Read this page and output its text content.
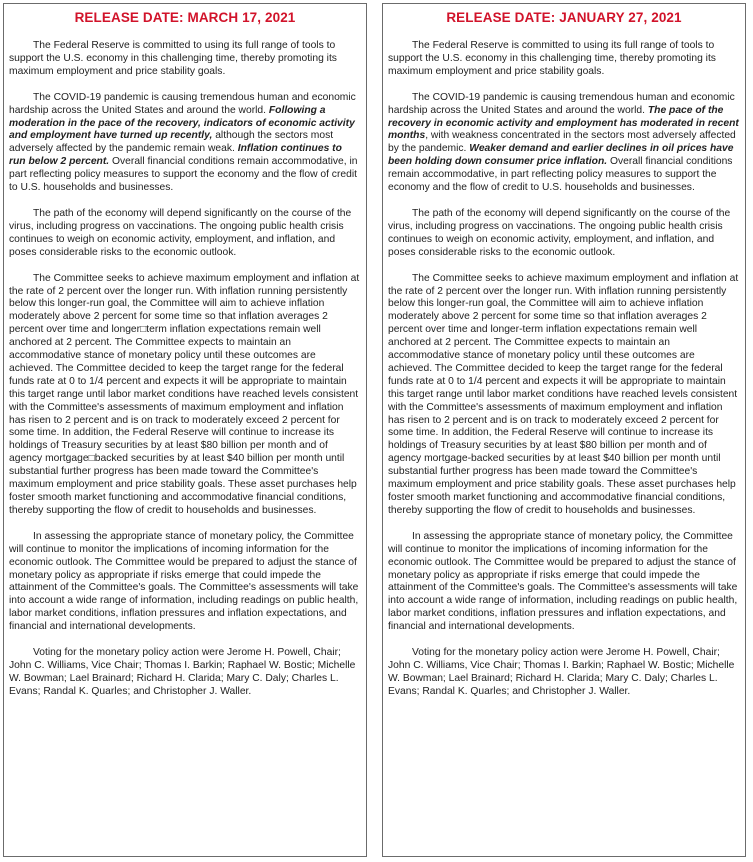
RELEASE DATE: MARCH 17, 2021

The Federal Reserve is committed to using its full range of tools to support the U.S. economy in this challenging time, thereby promoting its maximum employment and price stability goals.

The COVID-19 pandemic is causing tremendous human and economic hardship across the United States and around the world. Following a moderation in the pace of the recovery, indicators of economic activity and employment have turned up recently, although the sectors most adversely affected by the pandemic remain weak. Inflation continues to run below 2 percent. Overall financial conditions remain accommodative, in part reflecting policy measures to support the economy and the flow of credit to U.S. households and businesses.

The path of the economy will depend significantly on the course of the virus, including progress on vaccinations. The ongoing public health crisis continues to weigh on economic activity, employment, and inflation, and poses considerable risks to the economic outlook.

The Committee seeks to achieve maximum employment and inflation at the rate of 2 percent over the longer run. With inflation running persistently below this longer-run goal, the Committee will aim to achieve inflation moderately above 2 percent for some time so that inflation averages 2 percent over time and longer□term inflation expectations remain well anchored at 2 percent. The Committee expects to maintain an accommodative stance of monetary policy until these outcomes are achieved. The Committee decided to keep the target range for the federal funds rate at 0 to 1/4 percent and expects it will be appropriate to maintain this target range until labor market conditions have reached levels consistent with the Committee's assessments of maximum employment and inflation has risen to 2 percent and is on track to moderately exceed 2 percent for some time. In addition, the Federal Reserve will continue to increase its holdings of Treasury securities by at least $80 billion per month and of agency mortgage□backed securities by at least $40 billion per month until substantial further progress has been made toward the Committee's maximum employment and price stability goals. These asset purchases help foster smooth market functioning and accommodative financial conditions, thereby supporting the flow of credit to households and businesses.

In assessing the appropriate stance of monetary policy, the Committee will continue to monitor the implications of incoming information for the economic outlook. The Committee would be prepared to adjust the stance of monetary policy as appropriate if risks emerge that could impede the attainment of the Committee's goals. The Committee's assessments will take into account a wide range of information, including readings on public health, labor market conditions, inflation pressures and inflation expectations, and financial and international developments.

Voting for the monetary policy action were Jerome H. Powell, Chair; John C. Williams, Vice Chair; Thomas I. Barkin; Raphael W. Bostic; Michelle W. Bowman; Lael Brainard; Richard H. Clarida; Mary C. Daly; Charles L. Evans; Randal K. Quarles; and Christopher J. Waller.

RELEASE DATE: JANUARY 27, 2021

The Federal Reserve is committed to using its full range of tools to support the U.S. economy in this challenging time, thereby promoting its maximum employment and price stability goals.

The COVID-19 pandemic is causing tremendous human and economic hardship across the United States and around the world. The pace of the recovery in economic activity and employment has moderated in recent months, with weakness concentrated in the sectors most adversely affected by the pandemic. Weaker demand and earlier declines in oil prices have been holding down consumer price inflation. Overall financial conditions remain accommodative, in part reflecting policy measures to support the economy and the flow of credit to U.S. households and businesses.

The path of the economy will depend significantly on the course of the virus, including progress on vaccinations. The ongoing public health crisis continues to weigh on economic activity, employment, and inflation, and poses considerable risks to the economic outlook.

The Committee seeks to achieve maximum employment and inflation at the rate of 2 percent over the longer run. With inflation running persistently below this longer-run goal, the Committee will aim to achieve inflation moderately above 2 percent for some time so that inflation averages 2 percent over time and longer-term inflation expectations remain well anchored at 2 percent. The Committee expects to maintain an accommodative stance of monetary policy until these outcomes are achieved. The Committee decided to keep the target range for the federal funds rate at 0 to 1/4 percent and expects it will be appropriate to maintain this target range until labor market conditions have reached levels consistent with the Committee's assessments of maximum employment and inflation has risen to 2 percent and is on track to moderately exceed 2 percent for some time. In addition, the Federal Reserve will continue to increase its holdings of Treasury securities by at least $80 billion per month and of agency mortgage-backed securities by at least $40 billion per month until substantial further progress has been made toward the Committee's maximum employment and price stability goals. These asset purchases help foster smooth market functioning and accommodative financial conditions, thereby supporting the flow of credit to households and businesses.

In assessing the appropriate stance of monetary policy, the Committee will continue to monitor the implications of incoming information for the economic outlook. The Committee would be prepared to adjust the stance of monetary policy as appropriate if risks emerge that could impede the attainment of the Committee's goals. The Committee's assessments will take into account a wide range of information, including readings on public health, labor market conditions, inflation pressures and inflation expectations, and financial and international developments.

Voting for the monetary policy action were Jerome H. Powell, Chair; John C. Williams, Vice Chair; Thomas I. Barkin; Raphael W. Bostic; Michelle W. Bowman; Lael Brainard; Richard H. Clarida; Mary C. Daly; Charles L. Evans; Randal K. Quarles; and Christopher J. Waller.
